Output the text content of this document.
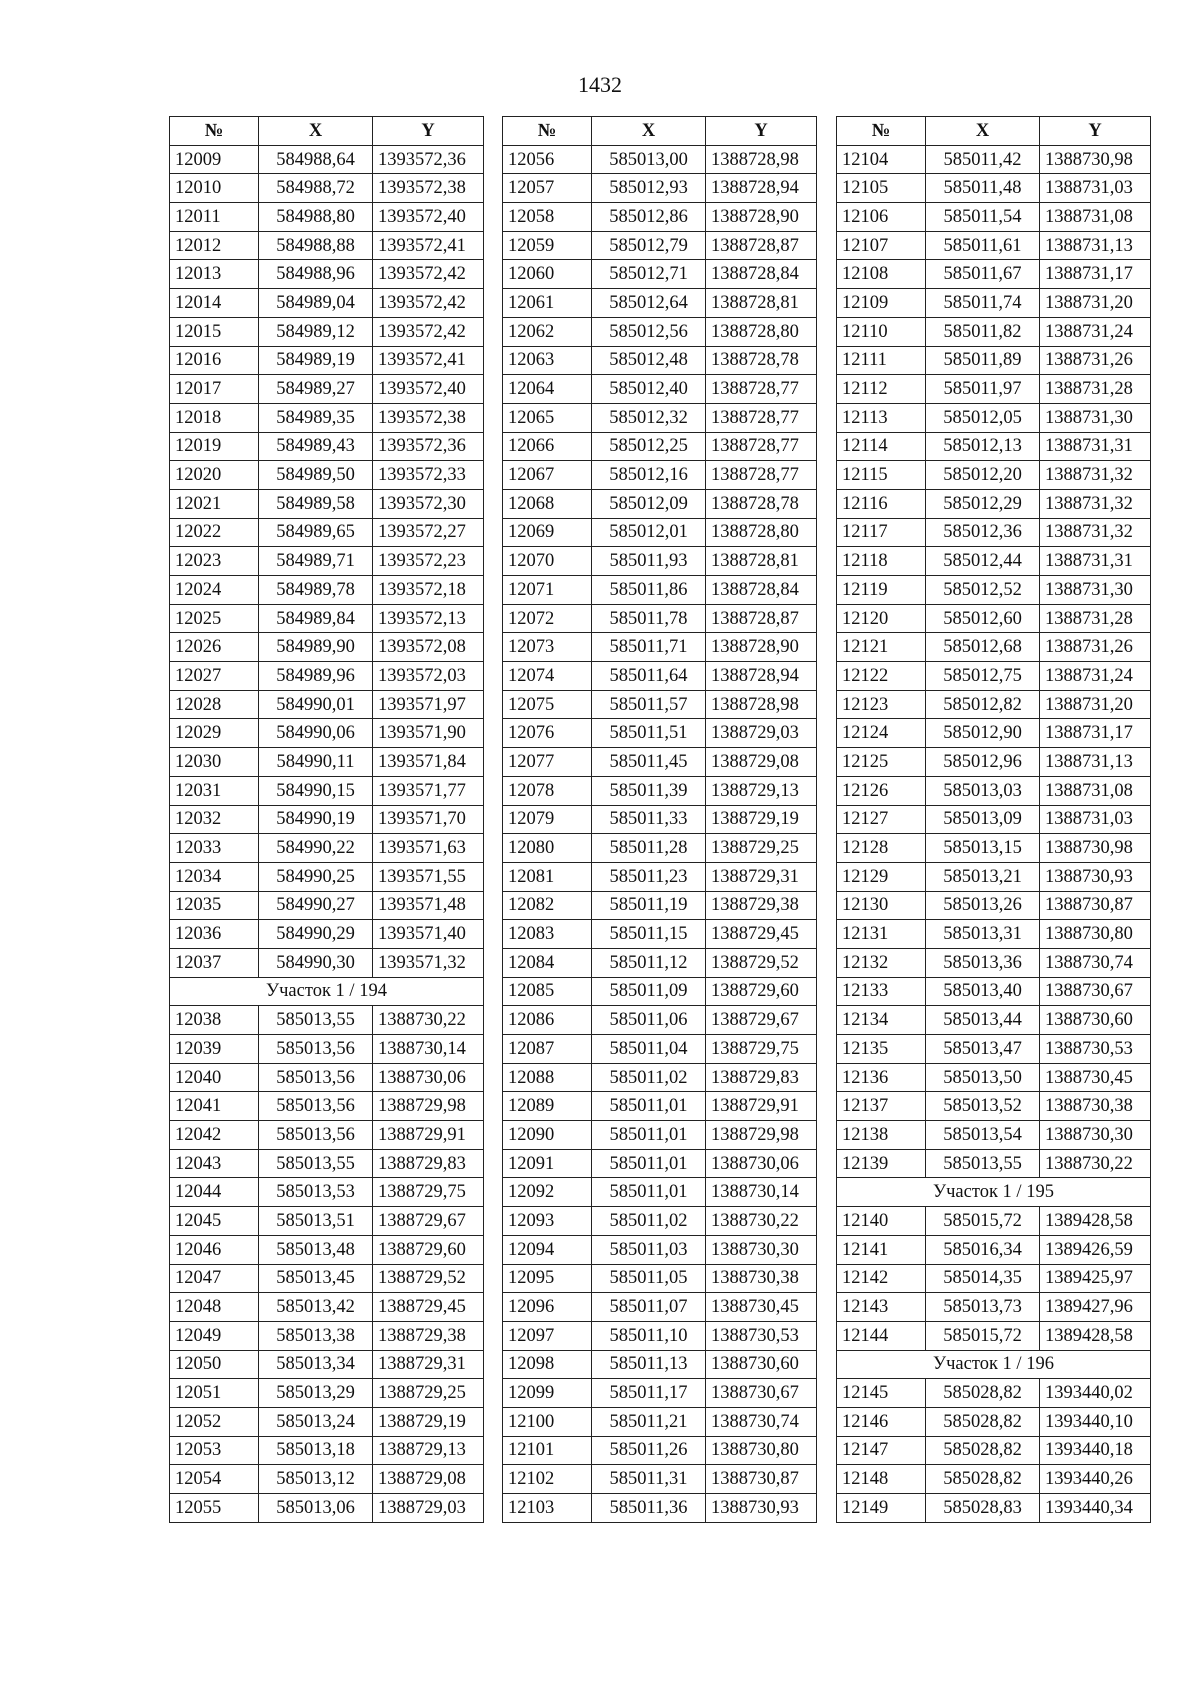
1432
№	X	Y
12009	584988,64	1393572,36
12010	584988,72	1393572,38
12011	584988,80	1393572,40
12012	584988,88	1393572,41
12013	584988,96	1393572,42
12014	584989,04	1393572,42
12015	584989,12	1393572,42
12016	584989,19	1393572,41
12017	584989,27	1393572,40
12018	584989,35	1393572,38
12019	584989,43	1393572,36
12020	584989,50	1393572,33
12021	584989,58	1393572,30
12022	584989,65	1393572,27
12023	584989,71	1393572,23
12024	584989,78	1393572,18
12025	584989,84	1393572,13
12026	584989,90	1393572,08
12027	584989,96	1393572,03
12028	584990,01	1393571,97
12029	584990,06	1393571,90
12030	584990,11	1393571,84
12031	584990,15	1393571,77
12032	584990,19	1393571,70
12033	584990,22	1393571,63
12034	584990,25	1393571,55
12035	584990,27	1393571,48
12036	584990,29	1393571,40
12037	584990,30	1393571,32
Участок 1 / 194		
12038	585013,55	1388730,22
12039	585013,56	1388730,14
12040	585013,56	1388730,06
12041	585013,56	1388729,98
12042	585013,56	1388729,91
12043	585013,55	1388729,83
12044	585013,53	1388729,75
12045	585013,51	1388729,67
12046	585013,48	1388729,60
12047	585013,45	1388729,52
12048	585013,42	1388729,45
12049	585013,38	1388729,38
12050	585013,34	1388729,31
12051	585013,29	1388729,25
12052	585013,24	1388729,19
12053	585013,18	1388729,13
12054	585013,12	1388729,08
12055	585013,06	1388729,03
№	X	Y
12056	585013,00	1388728,98
12057	585012,93	1388728,94
12058	585012,86	1388728,90
12059	585012,79	1388728,87
12060	585012,71	1388728,84
12061	585012,64	1388728,81
12062	585012,56	1388728,80
12063	585012,48	1388728,78
12064	585012,40	1388728,77
12065	585012,32	1388728,77
12066	585012,25	1388728,77
12067	585012,16	1388728,77
12068	585012,09	1388728,78
12069	585012,01	1388728,80
12070	585011,93	1388728,81
12071	585011,86	1388728,84
12072	585011,78	1388728,87
12073	585011,71	1388728,90
12074	585011,64	1388728,94
12075	585011,57	1388728,98
12076	585011,51	1388729,03
12077	585011,45	1388729,08
12078	585011,39	1388729,13
12079	585011,33	1388729,19
12080	585011,28	1388729,25
12081	585011,23	1388729,31
12082	585011,19	1388729,38
12083	585011,15	1388729,45
12084	585011,12	1388729,52
12085	585011,09	1388729,60
12086	585011,06	1388729,67
12087	585011,04	1388729,75
12088	585011,02	1388729,83
12089	585011,01	1388729,91
12090	585011,01	1388729,98
12091	585011,01	1388730,06
12092	585011,01	1388730,14
12093	585011,02	1388730,22
12094	585011,03	1388730,30
12095	585011,05	1388730,38
12096	585011,07	1388730,45
12097	585011,10	1388730,53
12098	585011,13	1388730,60
12099	585011,17	1388730,67
12100	585011,21	1388730,74
12101	585011,26	1388730,80
12102	585011,31	1388730,87
12103	585011,36	1388730,93
№	X	Y
12104	585011,42	1388730,98
12105	585011,48	1388731,03
12106	585011,54	1388731,08
12107	585011,61	1388731,13
12108	585011,67	1388731,17
12109	585011,74	1388731,20
12110	585011,82	1388731,24
12111	585011,89	1388731,26
12112	585011,97	1388731,28
12113	585012,05	1388731,30
12114	585012,13	1388731,31
12115	585012,20	1388731,32
12116	585012,29	1388731,32
12117	585012,36	1388731,32
12118	585012,44	1388731,31
12119	585012,52	1388731,30
12120	585012,60	1388731,28
12121	585012,68	1388731,26
12122	585012,75	1388731,24
12123	585012,82	1388731,20
12124	585012,90	1388731,17
12125	585012,96	1388731,13
12126	585013,03	1388731,08
12127	585013,09	1388731,03
12128	585013,15	1388730,98
12129	585013,21	1388730,93
12130	585013,26	1388730,87
12131	585013,31	1388730,80
12132	585013,36	1388730,74
12133	585013,40	1388730,67
12134	585013,44	1388730,60
12135	585013,47	1388730,53
12136	585013,50	1388730,45
12137	585013,52	1388730,38
12138	585013,54	1388730,30
12139	585013,55	1388730,22
Участок 1 / 195		
12140	585015,72	1389428,58
12141	585016,34	1389426,59
12142	585014,35	1389425,97
12143	585013,73	1389427,96
12144	585015,72	1389428,58
Участок 1 / 196		
12145	585028,82	1393440,02
12146	585028,82	1393440,10
12147	585028,82	1393440,18
12148	585028,82	1393440,26
12149	585028,83	1393440,34
